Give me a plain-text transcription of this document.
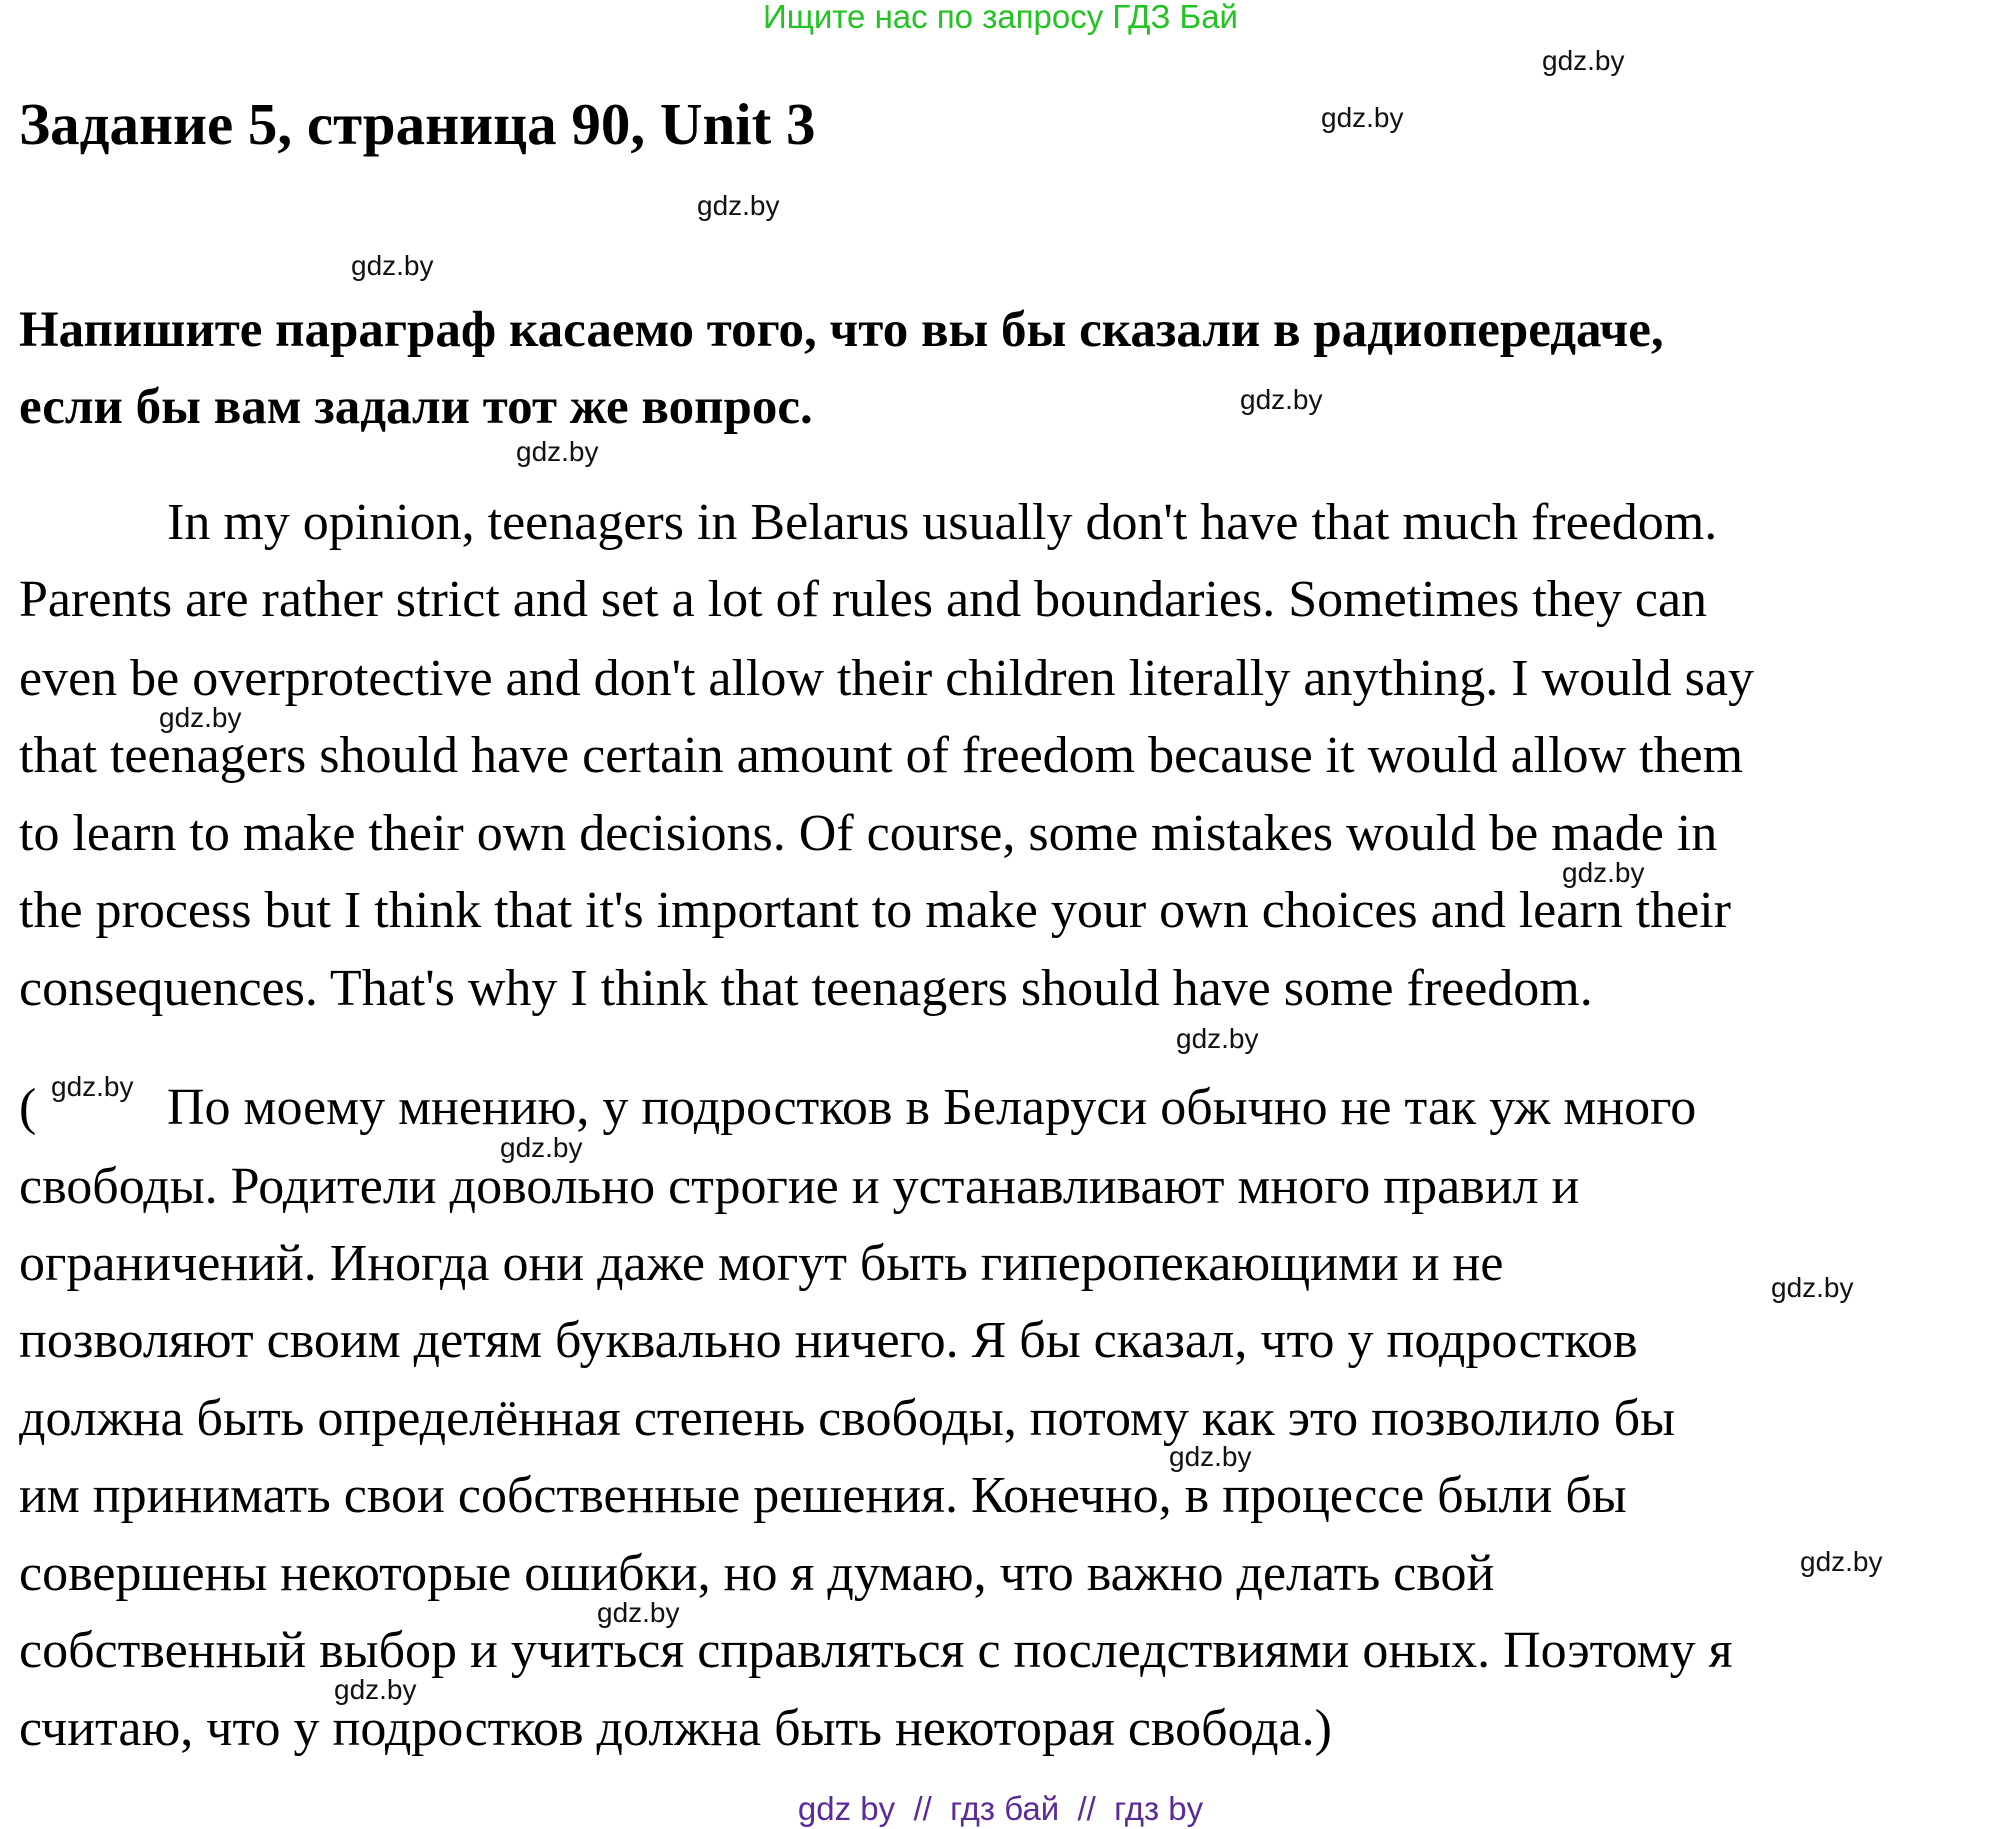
Ищите нас по запросу ГДЗ Бай
Задание 5, страница 90, Unit 3
Напишите параграф касаемо того, что вы бы сказали в радиопередаче,
если бы вам задали тот же вопрос.
In my opinion, teenagers in Belarus usually don't have that much freedom.
Parents are rather strict and set a lot of rules and boundaries. Sometimes they can
even be overprotective and don't allow their children literally anything. I would say
that teenagers should have certain amount of freedom because it would allow them
to learn to make their own decisions. Of course, some mistakes would be made in
the process but I think that it's important to make your own choices and learn their
consequences. That's why I think that teenagers should have some freedom.
(	По моему мнению, у подростков в Беларуси обычно не так уж много
свободы. Родители довольно строгие и устанавливают много правил и
ограничений. Иногда они даже могут быть гиперопекающими и не
позволяют своим детям буквально ничего. Я бы сказал, что у подростков
должна быть определённая степень свободы, потому как это позволило бы
им принимать свои собственные решения. Конечно, в процессе были бы
совершены некоторые ошибки, но я думаю, что важно делать свой
собственный выбор и учиться справляться с последствиями оных. Поэтому я
считаю, что у подростков должна быть некоторая свобода.)
gdz.by
gdz.by
gdz.by
gdz.by
gdz.by
gdz.by
gdz.by
gdz.by
gdz.by
gdz.by
gdz.by
gdz.by
gdz.by
gdz.by
gdz.by
gdz.by
gdz by  //  гдз бай  //  гдз by
